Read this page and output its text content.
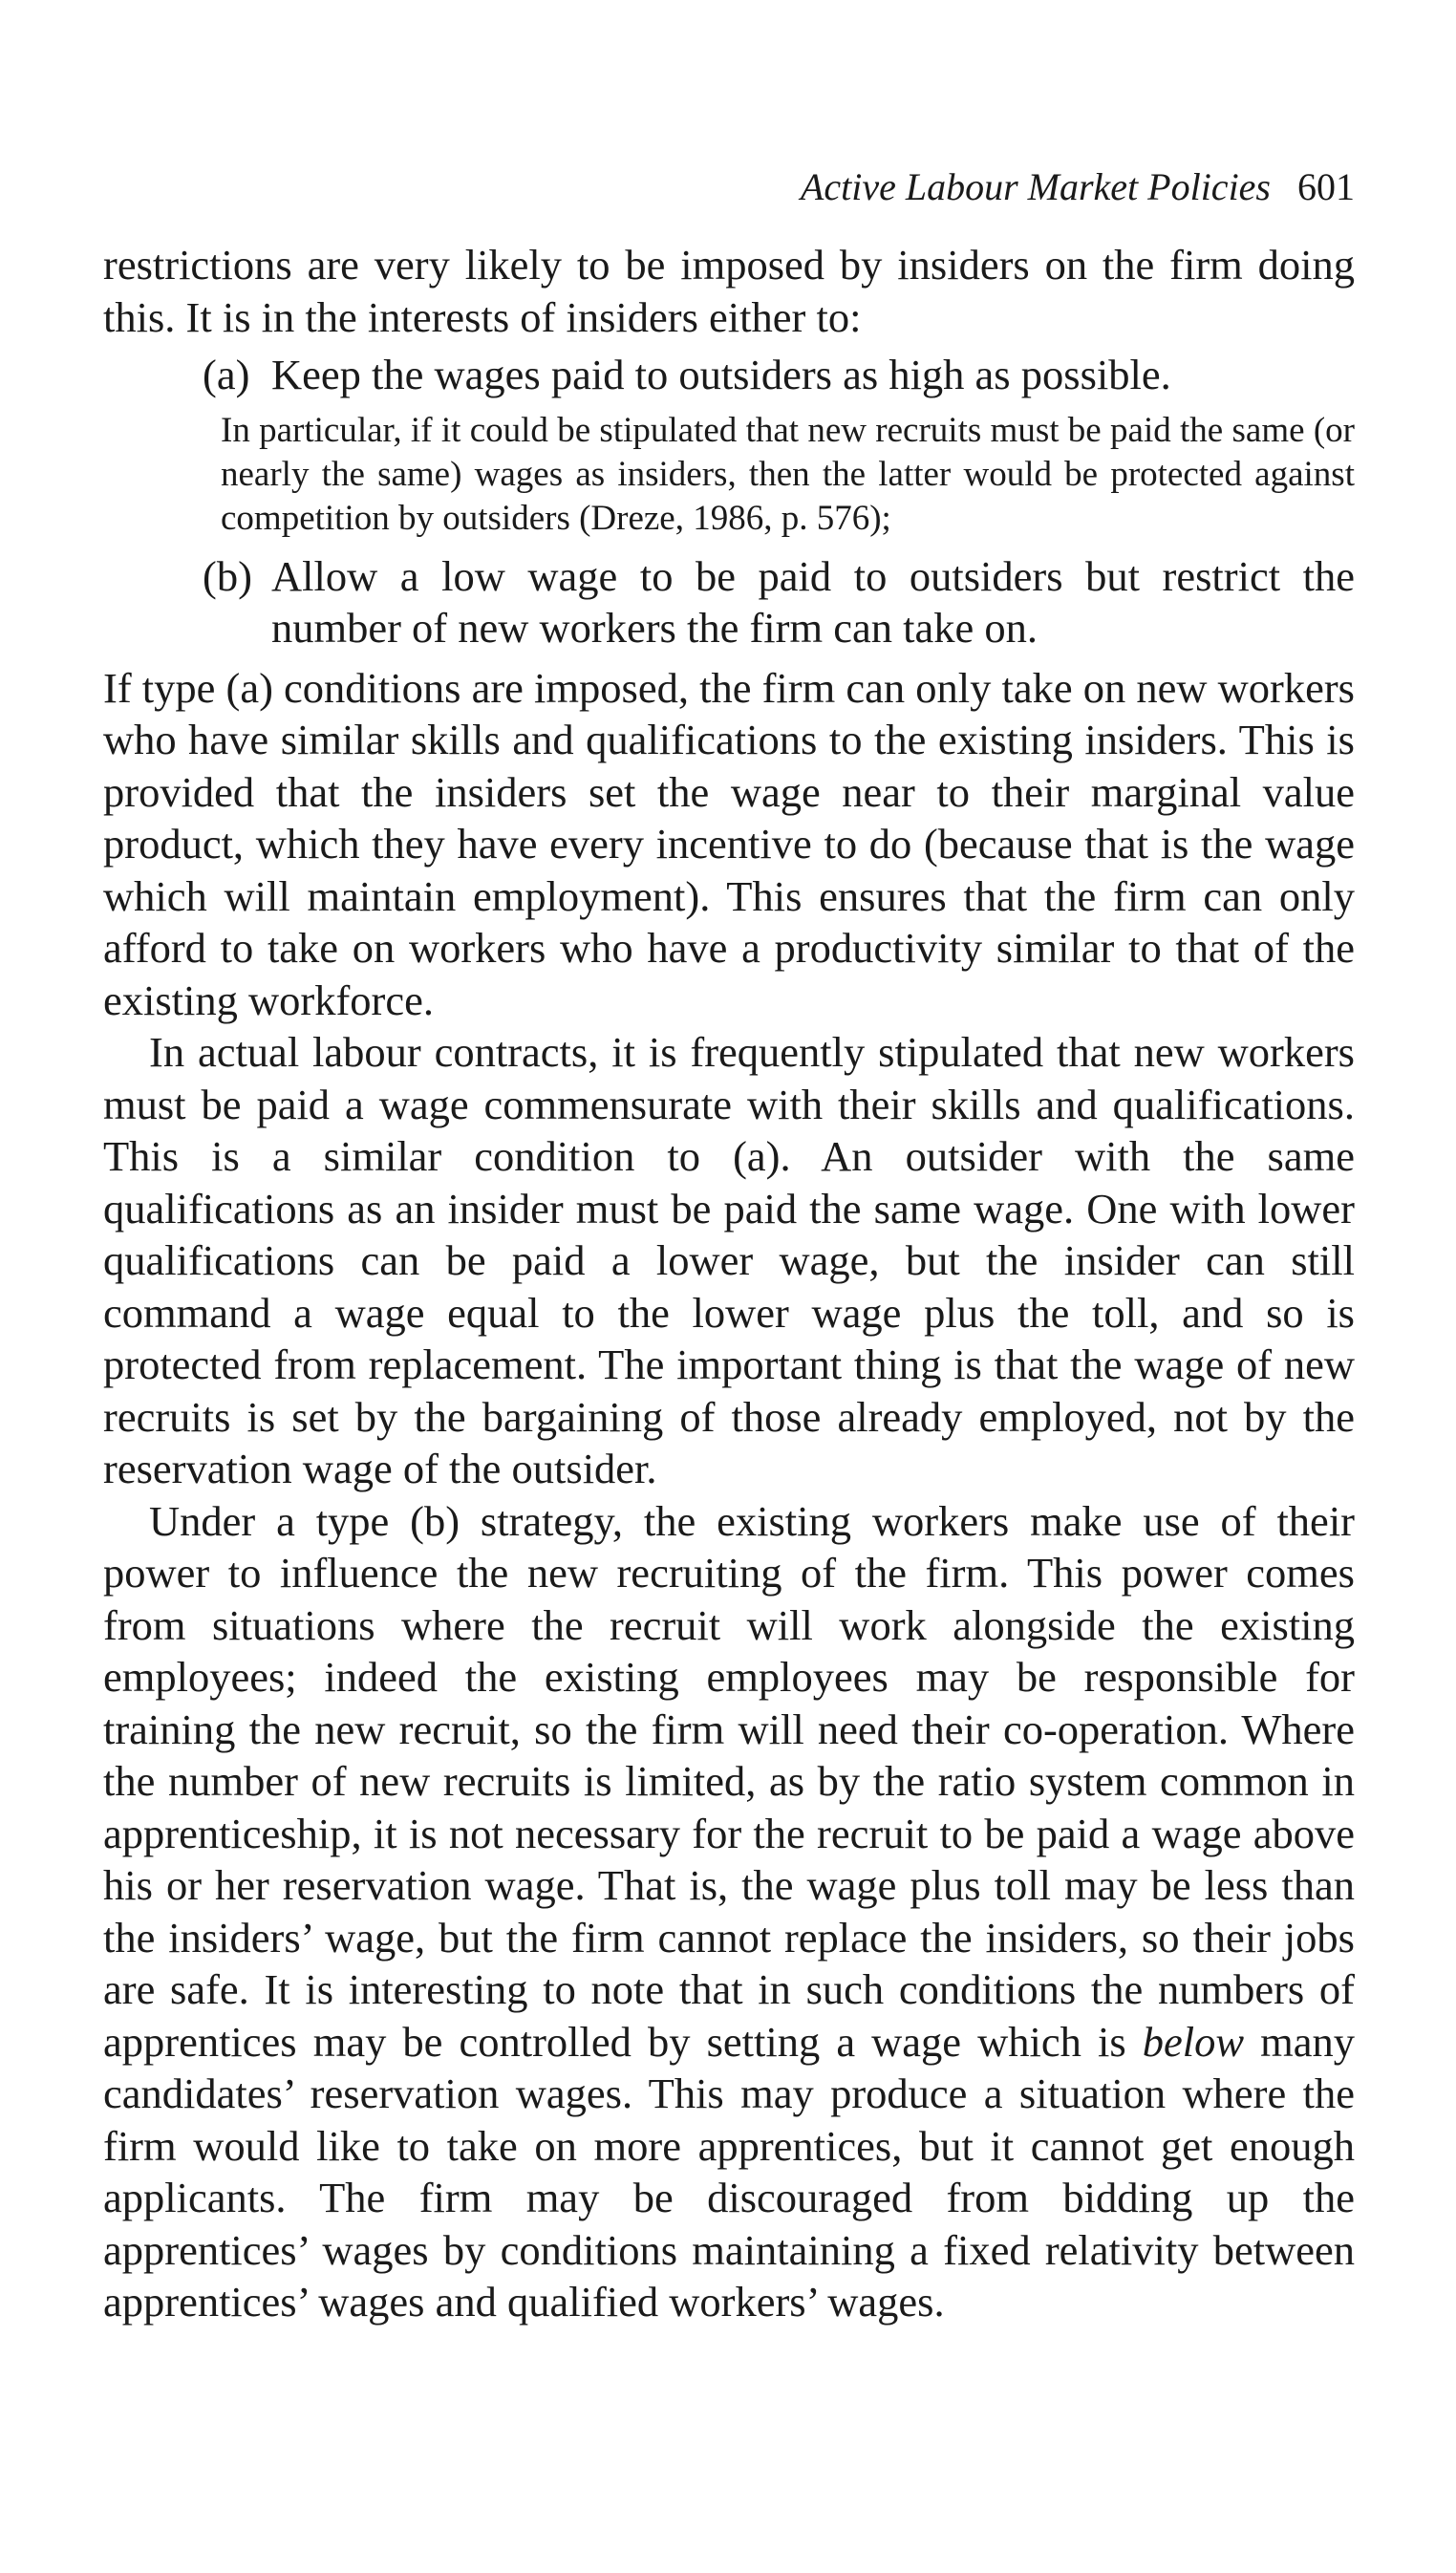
Active Labour Market Policies 601

restrictions are very likely to be imposed by insiders on the firm doing this. It is in the interests of insiders either to:

(a) Keep the wages paid to outsiders as high as possible.

In particular, if it could be stipulated that new recruits must be paid the same (or nearly the same) wages as insiders, then the latter would be protected against competition by outsiders (Dreze, 1986, p. 576);

(b) Allow a low wage to be paid to outsiders but restrict the number of new workers the firm can take on.

If type (a) conditions are imposed, the firm can only take on new workers who have similar skills and qualifications to the existing insiders. This is provided that the insiders set the wage near to their marginal value product, which they have every incentive to do (because that is the wage which will maintain employment). This ensures that the firm can only afford to take on workers who have a productivity similar to that of the existing workforce.

In actual labour contracts, it is frequently stipulated that new workers must be paid a wage commensurate with their skills and qualifications. This is a similar condition to (a). An outsider with the same qualifications as an insider must be paid the same wage. One with lower qualifications can be paid a lower wage, but the insider can still command a wage equal to the lower wage plus the toll, and so is protected from replacement. The important thing is that the wage of new recruits is set by the bargaining of those already employed, not by the reservation wage of the outsider.

Under a type (b) strategy, the existing workers make use of their power to influence the new recruiting of the firm. This power comes from situations where the recruit will work alongside the existing employees; indeed the existing employees may be responsible for training the new recruit, so the firm will need their co-operation. Where the number of new recruits is limited, as by the ratio system common in apprenticeship, it is not necessary for the recruit to be paid a wage above his or her reservation wage. That is, the wage plus toll may be less than the insiders’ wage, but the firm cannot replace the insiders, so their jobs are safe. It is interesting to note that in such conditions the numbers of apprentices may be controlled by setting a wage which is below many candidates’ reservation wages. This may produce a situation where the firm would like to take on more apprentices, but it cannot get enough applicants. The firm may be discouraged from bidding up the apprentices’ wages by conditions maintaining a fixed relativity between apprentices’ wages and qualified workers’ wages.
